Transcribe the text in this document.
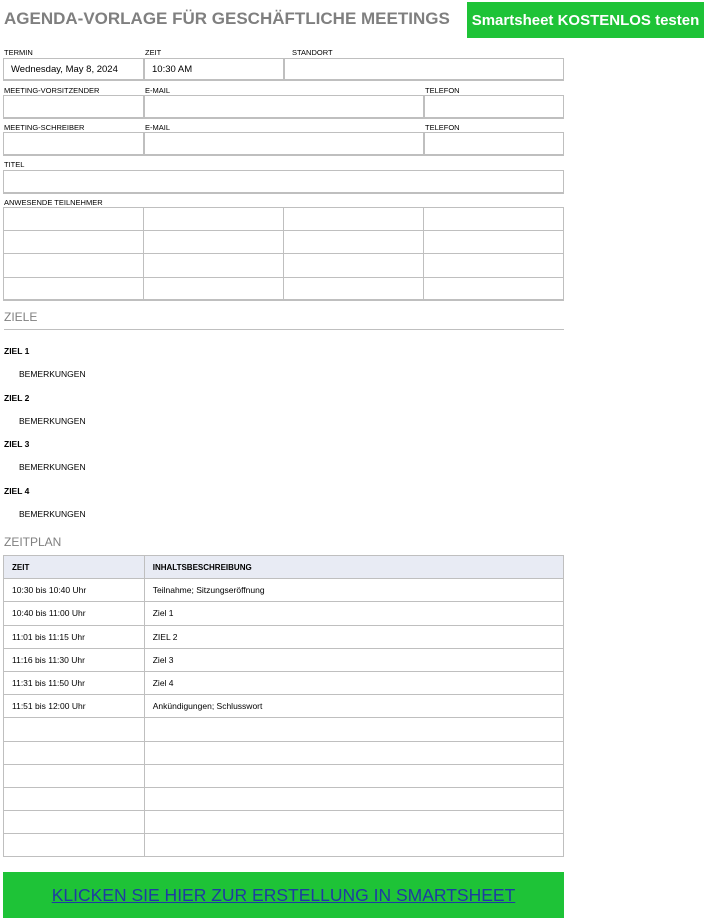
AGENDA-VORLAGE FÜR GESCHÄFTLICHE MEETINGS	Smartsheet KOSTENLOS testen
TERMIN	ZEIT	STANDORT
Wednesday, May 8, 2024	10:30 AM
MEETING-VORSITZENDER	E-MAIL	TELEFON
MEETING-SCHREIBER	E-MAIL	TELEFON
TITEL
ANWESENDE TEILNEHMER

ZIELE
ZIEL 1
BEMERKUNGEN
ZIEL 2
BEMERKUNGEN
ZIEL 3
BEMERKUNGEN
ZIEL 4
BEMERKUNGEN
ZEITPLAN
ZEIT	INHALTSBESCHREIBUNG
10:30 bis 10:40 Uhr	Teilnahme; Sitzungseröffnung
10:40 bis 11:00 Uhr	Ziel 1
11:01 bis 11:15 Uhr	ZIEL 2
11:16 bis 11:30 Uhr	Ziel 3
11:31 bis 11:50 Uhr	Ziel 4
11:51 bis 12:00 Uhr	Ankündigungen; Schlusswort

KLICKEN SIE HIER ZUR ERSTELLUNG IN SMARTSHEET
